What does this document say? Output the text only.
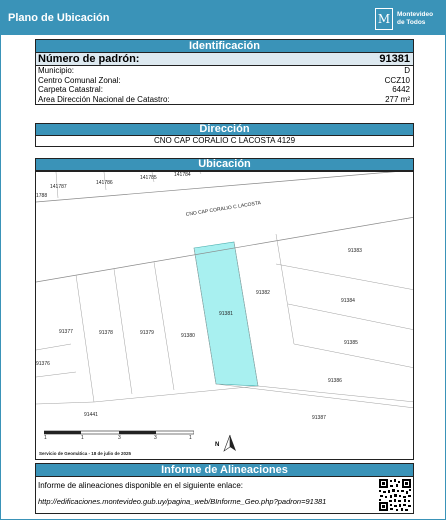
Plano de Ubicación	M	Montevideo
de Todos
Identificación
Número de padrón:	91381
Municipio:	D
Centro Comunal Zonal:	CCZ10
Carpeta Catastral:	6442
Area Dirección Nacional de Catastro:	277 m²
Dirección
CNO CAP CORALIO C LACOSTA 4129
Ubicación
CNO CAP CORALIO C LACOSTA
141787
141786
141785	141784
1788
91383
91382
91384
91377	91378	91379	91380
91381
91385
91376
91386
91441	91387
1	1	3	3	1
N
Servicio de Geomática - 18 de julio de 2025
Informe de Alineaciones
Informe de alineaciones disponible en el siguiente enlace:
http://edificaciones.montevideo.gub.uy/pagina_web/BInforme_Geo.php?padron=91381
